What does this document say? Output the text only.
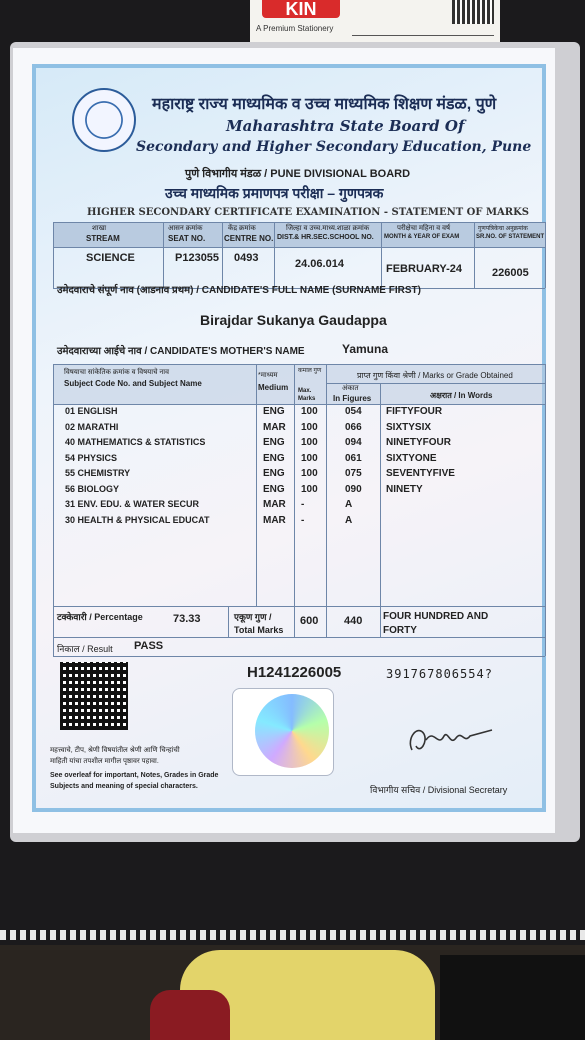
KIN
A Premium Stationery
महाराष्ट्र राज्य माध्यमिक व उच्च माध्यमिक शिक्षण मंडळ, पुणे
Maharashtra State Board Of
Secondary and Higher Secondary Education, Pune
पुणे विभागीय मंडळ / PUNE DIVISIONAL BOARD
उच्च माध्यमिक प्रमाणपत्र परीक्षा – गुणपत्रक
HIGHER SECONDARY CERTIFICATE EXAMINATION - STATEMENT OF MARKS
शाखा
STREAM
आसन क्रमांक
SEAT NO.
केंद्र क्रमांक
CENTRE NO.
जिल्हा व उच्च.माध्य.शाळा क्रमांक
DIST.& HR.SEC.SCHOOL NO.
परीक्षेचा महिना व वर्ष
MONTH & YEAR OF EXAM
गुणपत्रिकेचा अनुक्रमांक
SR.NO. OF STATEMENT
SCIENCE	P123055 0493	24.06.014	FEBRUARY-24	226005
उमेदवाराचे संपूर्ण नाव (आडनाव प्रथम) / CANDIDATE'S FULL NAME (SURNAME FIRST)
Birajdar Sukanya Gaudappa
उमेदवाराच्या आईचे नाव / CANDIDATE'S MOTHER'S NAME	Yamuna
विषयाचा सांकेतिक क्रमांक व विषयाचे नाव
Subject Code No. and Subject Name
*माध्यम
Medium
कमाल गुण
Max. Marks
प्राप्त गुण किंवा श्रेणी / Marks or Grade Obtained
अंकात
In Figures	अक्षरात / In Words
01 ENGLISH	ENG 100	054 FIFTYFOUR
02 MARATHI	MAR 100	066 SIXTYSIX
40 MATHEMATICS & STATISTICS	ENG 100	094 NINETYFOUR
54 PHYSICS	ENG 100	061 SIXTYONE
55 CHEMISTRY	ENG 100	075 SEVENTYFIVE
56 BIOLOGY	ENG 100	090 NINETY
31 ENV. EDU. & WATER SECUR	MAR -	A
30 HEALTH & PHYSICAL EDUCAT	MAR -	A
टक्केवारी / Percentage	73.33	एकूण गुण /
Total Marks
600 440 FOUR HUNDRED AND
FORTY
निकाल / Result PASS
H1241226005	391767806554?
महत्त्वाचे, टीप, श्रेणी विषयांतील श्रेणी आणि चिन्हांची
माहिती यांचा तपशील मागील पृष्ठावर पहावा.
See overleaf for important, Notes, Grades in Grade
Subjects and meaning of special characters.	विभागीय सचिव / Divisional Secretary
